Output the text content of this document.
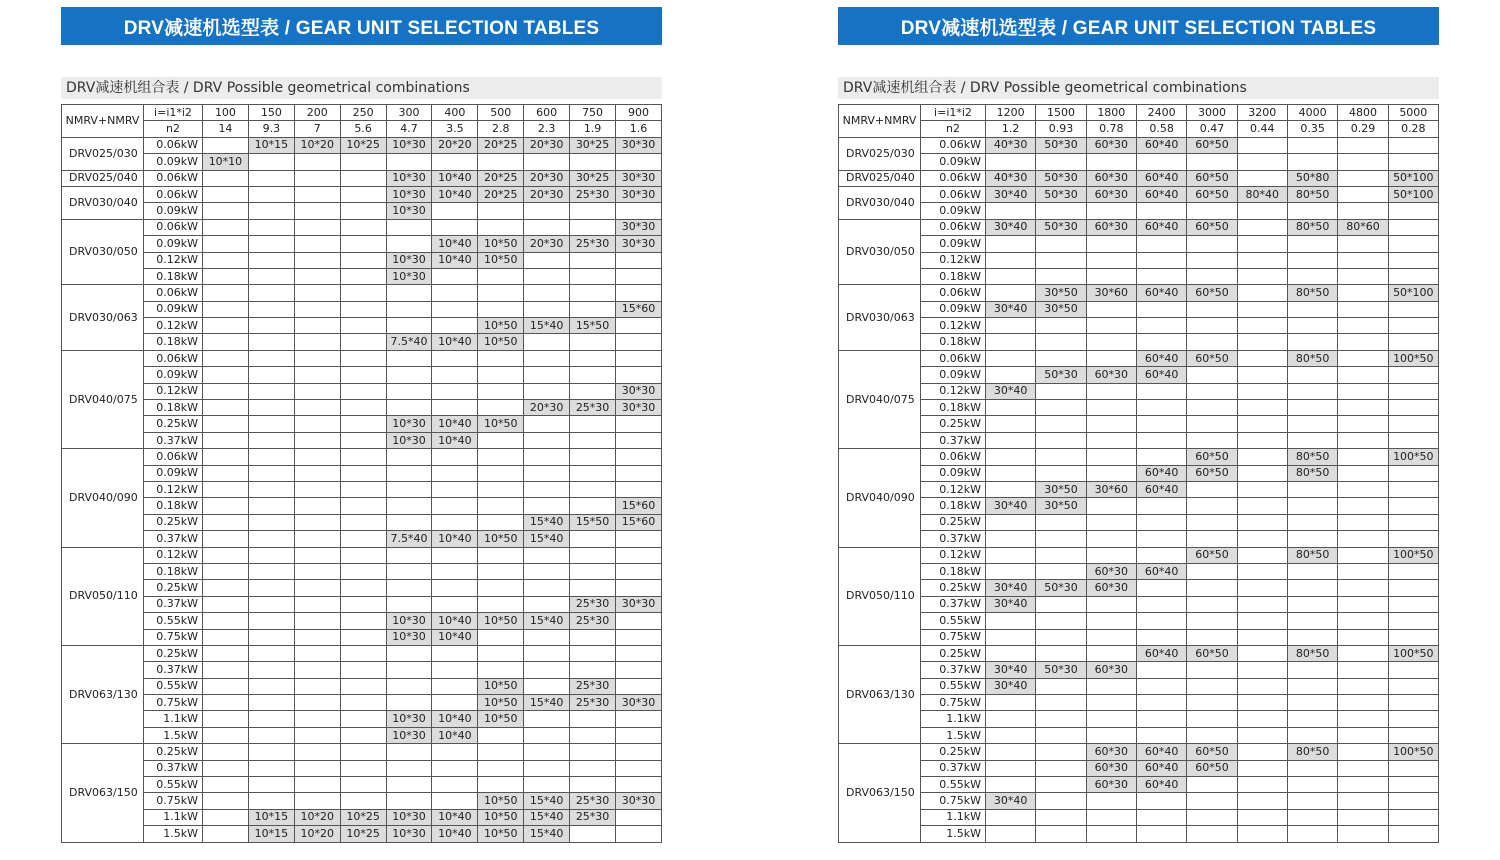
DRV减速机选型表 / GEAR UNIT SELECTION TABLES
DRV减速机组合表 / DRV Possible geometrical combinations
NMRV+NMRV	i=i1*i2	100	150	200	250	300	400	500	600	750	900
	n2	14	9.3	7	5.6	4.7	3.5	2.8	2.3	1.9	1.6
DRV025/030	0.06kW		10*15	10*20	10*25	10*30	20*20	20*25	20*30	30*25	30*30
	0.09kW	10*10									
DRV025/040	0.06kW					10*30	10*40	20*25	20*30	30*25	30*30
DRV030/040	0.06kW					10*30	10*40	20*25	20*30	25*30	30*30
	0.09kW					10*30					
DRV030/050	0.06kW										30*30
	0.09kW						10*40	10*50	20*30	25*30	30*30
	0.12kW					10*30	10*40	10*50			
	0.18kW					10*30					
DRV030/063	0.06kW										
	0.09kW										15*60
	0.12kW							10*50	15*40	15*50	
	0.18kW					7.5*40	10*40	10*50			
DRV040/075	0.06kW										
	0.09kW										
	0.12kW										30*30
	0.18kW								20*30	25*30	30*30
	0.25kW					10*30	10*40	10*50			
	0.37kW					10*30	10*40				
DRV040/090	0.06kW										
	0.09kW										
	0.12kW										
	0.18kW										15*60
	0.25kW								15*40	15*50	15*60
	0.37kW					7.5*40	10*40	10*50	15*40		
DRV050/110	0.12kW										
	0.18kW										
	0.25kW										
	0.37kW									25*30	30*30
	0.55kW					10*30	10*40	10*50	15*40	25*30	
	0.75kW					10*30	10*40				
DRV063/130	0.25kW										
	0.37kW										
	0.55kW							10*50		25*30	
	0.75kW							10*50	15*40	25*30	30*30
	1.1kW					10*30	10*40	10*50			
	1.5kW					10*30	10*40				
DRV063/150	0.25kW										
	0.37kW										
	0.55kW										
	0.75kW							10*50	15*40	25*30	30*30
	1.1kW		10*15	10*20	10*25	10*30	10*40	10*50	15*40	25*30	
	1.5kW		10*15	10*20	10*25	10*30	10*40	10*50	15*40		
DRV减速机选型表 / GEAR UNIT SELECTION TABLES
DRV减速机组合表 / DRV Possible geometrical combinations
NMRV+NMRV	i=i1*i2	1200	1500	1800	2400	3000	3200	4000	4800	5000
	n2	1.2	0.93	0.78	0.58	0.47	0.44	0.35	0.29	0.28
DRV025/030	0.06kW	40*30	50*30	60*30	60*40	60*50				
	0.09kW									
DRV025/040	0.06kW	40*30	50*30	60*30	60*40	60*50		50*80		50*100
DRV030/040	0.06kW	30*40	50*30	60*30	60*40	60*50	80*40	80*50		50*100
	0.09kW									
DRV030/050	0.06kW	30*40	50*30	60*30	60*40	60*50		80*50	80*60	
	0.09kW									
	0.12kW									
	0.18kW									
DRV030/063	0.06kW		30*50	30*60	60*40	60*50		80*50		50*100
	0.09kW	30*40	30*50							
	0.12kW									
	0.18kW									
DRV040/075	0.06kW				60*40	60*50		80*50		100*50
	0.09kW		50*30	60*30	60*40					
	0.12kW	30*40								
	0.18kW									
	0.25kW									
	0.37kW									
DRV040/090	0.06kW					60*50		80*50		100*50
	0.09kW				60*40	60*50		80*50		
	0.12kW		30*50	30*60	60*40					
	0.18kW	30*40	30*50							
	0.25kW									
	0.37kW									
DRV050/110	0.12kW					60*50		80*50		100*50
	0.18kW			60*30	60*40					
	0.25kW	30*40	50*30	60*30						
	0.37kW	30*40								
	0.55kW									
	0.75kW									
DRV063/130	0.25kW				60*40	60*50		80*50		100*50
	0.37kW	30*40	50*30	60*30						
	0.55kW	30*40								
	0.75kW									
	1.1kW									
	1.5kW									
DRV063/150	0.25kW			60*30	60*40	60*50		80*50		100*50
	0.37kW			60*30	60*40	60*50				
	0.55kW			60*30	60*40					
	0.75kW	30*40								
	1.1kW									
	1.5kW									
